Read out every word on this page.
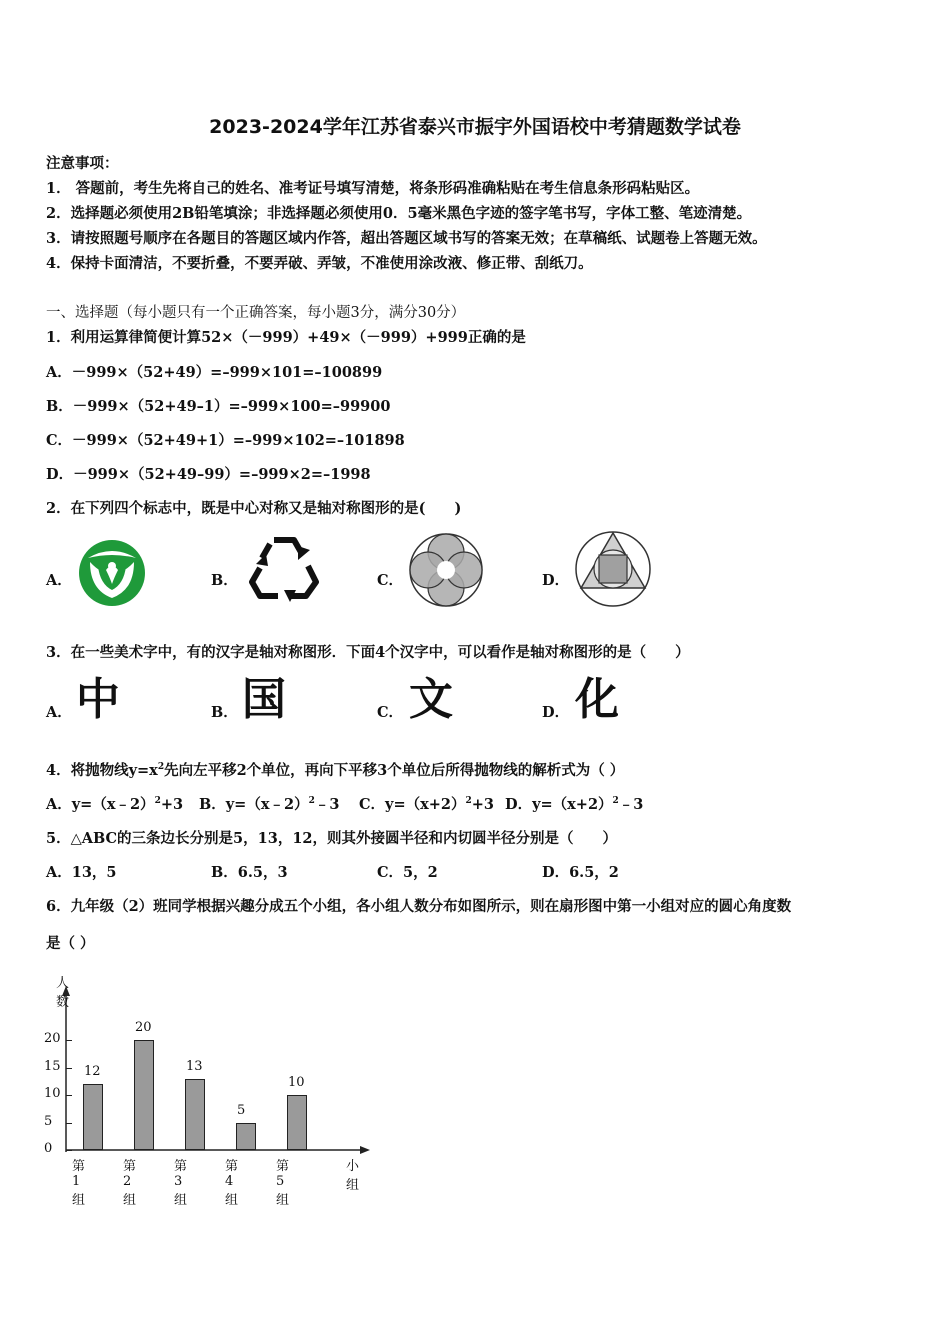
2023-2024学年江苏省泰兴市振宇外国语校中考猜题数学试卷
注意事项：
1． 答题前，考生先将自己的姓名、准考证号填写清楚，将条形码准确粘贴在考生信息条形码粘贴区。
2．选择题必须使用2B铅笔填涂；非选择题必须使用0．5毫米黑色字迹的签字笔书写，字体工整、笔迹清楚。
3．请按照题号顺序在各题目的答题区域内作答，超出答题区域书写的答案无效；在草稿纸、试题卷上答题无效。
4．保持卡面清洁，不要折叠，不要弄破、弄皱，不准使用涂改液、修正带、刮纸刀。
一、选择题（每小题只有一个正确答案，每小题3分，满分30分）
1．利用运算律简便计算52×（－999）+49×（－999）+999正确的是
A．－999×（52+49）=–999×101=–100899
B．－999×（52+49–1）=–999×100=–99900
C．－999×（52+49+1）=–999×102=–101898
D．－999×（52+49–99）=–999×2=–1998
2．在下列四个标志中，既是中心对称又是轴对称图形的是(　　)
A．	B．	C．	D．
3．在一些美术字中，有的汉字是轴对称图形．下面4个汉字中，可以看作是轴对称图形的是（　　）
A． 中	B． 国	C． 文	D． 化
4．将抛物线$y=x^2$先向左平移2个单位，再向下平移3个单位后所得抛物线的解析式为（ ）
A．y=（x﹣2）$^2$+3 B．y=（x﹣2）$^2$﹣3 C．$y=(x+2)^2+3$ D．$y=(x+2)^2﹣3$
5．△ABC的三条边长分别是5，13，12，则其外接圆半径和内切圆半径分别是（　　）
A．13，5	B．6.5，3	C．5，2	D．6.5，2
6．九年级（2）班同学根据兴趣分成五个小组，各小组人数分布如图所示，则在扇形图中第一小组对应的圆心角度数
是（ ）
人数
小组
0
5
10
15
20
12
第1组
20
第2组
13
第3组
5
第4组
10
第5组
